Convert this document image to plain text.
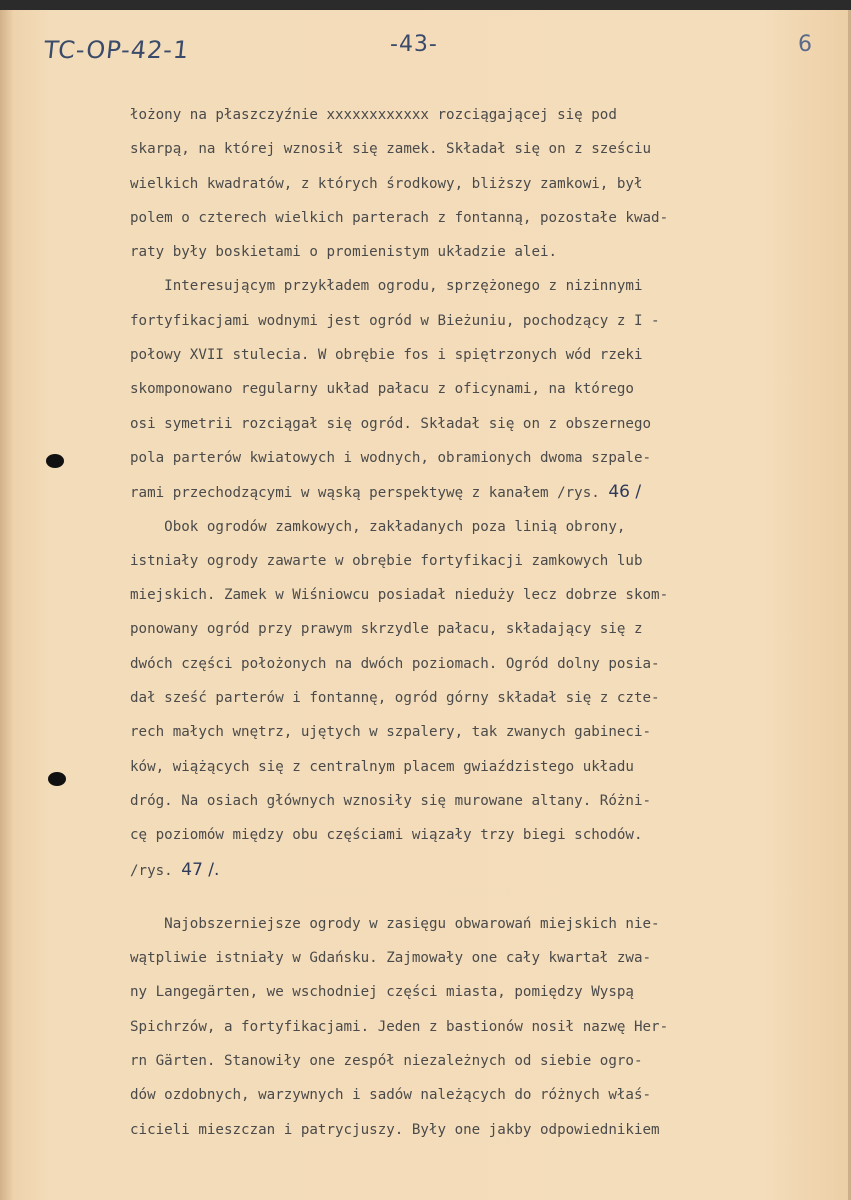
TC-OP-42-1	-43-	6
łożony na płaszczyźnie xxxxxxxxxxxx rozciągającej się pod
skarpą, na której wznosił się zamek. Składał się on z sześciu
wielkich kwadratów, z których środkowy, bliższy zamkowi, był
polem o czterech wielkich parterach z fontanną, pozostałe kwad-
raty były boskietami o promienistym układzie alei.
Interesującym przykładem ogrodu, sprzężonego z nizinnymi
fortyfikacjami wodnymi jest ogród w Bieżuniu, pochodzący z I -
połowy XVII stulecia. W obrębie fos i spiętrzonych wód rzeki
skomponowano regularny układ pałacu z oficynami, na którego
osi symetrii rozciągał się ogród. Składał się on z obszernego
pola parterów kwiatowych i wodnych, obramionych dwoma szpale-
rami przechodzącymi w wąską perspektywę z kanałem /rys. 46 /
Obok ogrodów zamkowych, zakładanych poza linią obrony,
istniały ogrody zawarte w obrębie fortyfikacji zamkowych lub
miejskich. Zamek w Wiśniowcu posiadał nieduży lecz dobrze skom-
ponowany ogród przy prawym skrzydle pałacu, składający się z
dwóch części położonych na dwóch poziomach. Ogród dolny posia-
dał sześć parterów i fontannę, ogród górny składał się z czte-
rech małych wnętrz, ujętych w szpalery, tak zwanych gabineci-
ków, wiążących się z centralnym placem gwiaździstego układu
dróg. Na osiach głównych wznosiły się murowane altany. Różni-
cę poziomów między obu częściami wiązały trzy biegi schodów.
/rys. 47 /.
Najobszerniejsze ogrody w zasięgu obwarowań miejskich nie-
wątpliwie istniały w Gdańsku. Zajmowały one cały kwartał zwa-
ny Langegärten, we wschodniej części miasta, pomiędzy Wyspą
Spichrzów, a fortyfikacjami. Jeden z bastionów nosił nazwę Her-
rn Gärten. Stanowiły one zespół niezależnych od siebie ogro-
dów ozdobnych, warzywnych i sadów należących do różnych właś-
cicieli mieszczan i patrycjuszy. Były one jakby odpowiednikiem
